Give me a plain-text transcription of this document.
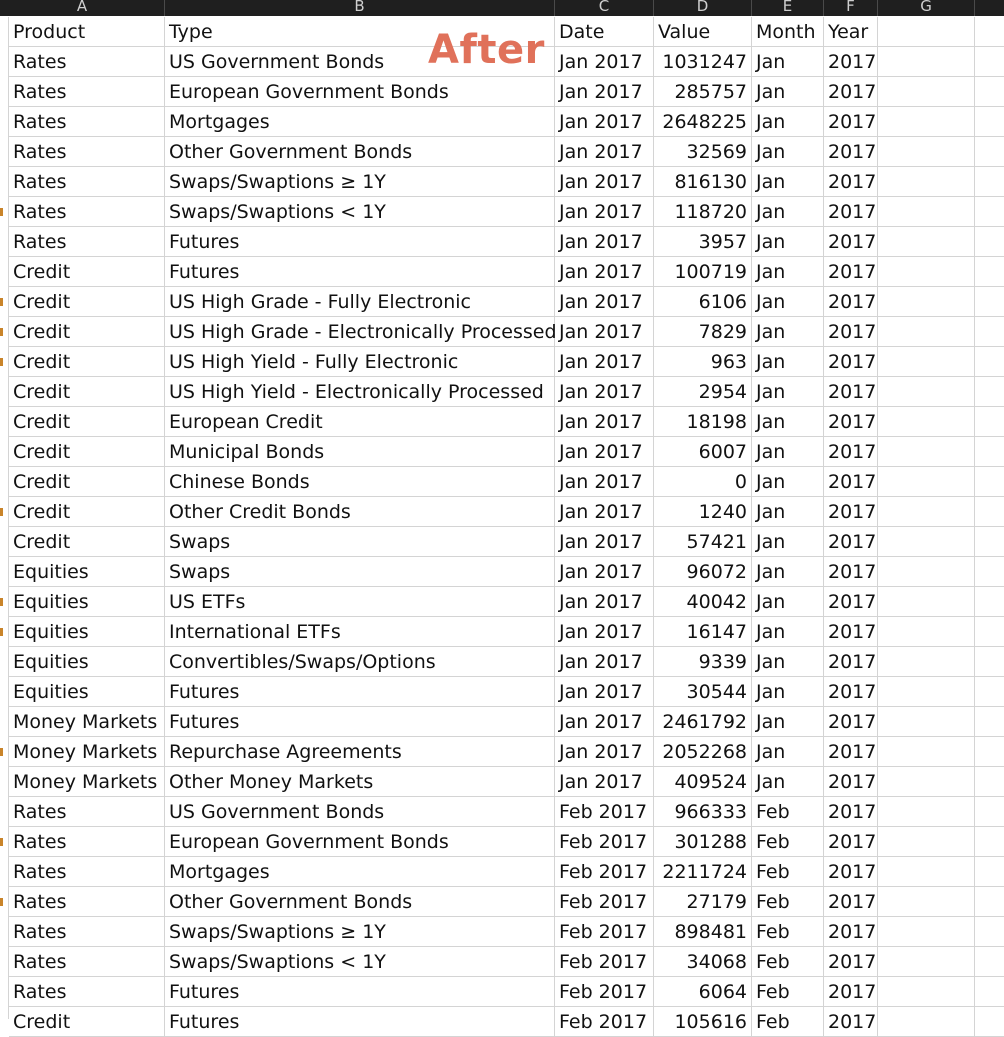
A	B	C	D	E	F	G
Product	Type	Date	Value	Month Year
Rates	US Government Bonds	Jan 2017	1031247 Jan	2017
Rates	European Government Bonds	Jan 2017	285757 Jan	2017
Rates	Mortgages	Jan 2017	2648225 Jan	2017
Rates	Other Government Bonds	Jan 2017	32569 Jan	2017
Rates	Swaps/Swaptions ≥ 1Y	Jan 2017	816130 Jan	2017
Rates	Swaps/Swaptions < 1Y	Jan 2017	118720 Jan	2017
Rates	Futures	Jan 2017	3957 Jan	2017
Credit	Futures	Jan 2017	100719 Jan	2017
Credit	US High Grade - Fully Electronic	Jan 2017	6106 Jan	2017
Credit	US High Grade - Electronically Processed Jan 2017	7829 Jan	2017
Credit	US High Yield - Fully Electronic	Jan 2017	963 Jan	2017
Credit	US High Yield - Electronically Processed Jan 2017	2954 Jan	2017
Credit	European Credit	Jan 2017	18198 Jan	2017
Credit	Municipal Bonds	Jan 2017	6007 Jan	2017
Credit	Chinese Bonds	Jan 2017	0 Jan	2017
Credit	Other Credit Bonds	Jan 2017	1240 Jan	2017
Credit	Swaps	Jan 2017	57421 Jan	2017
Equities	Swaps	Jan 2017	96072 Jan	2017
Equities	US ETFs	Jan 2017	40042 Jan	2017
Equities	International ETFs	Jan 2017	16147 Jan	2017
Equities	Convertibles/Swaps/Options	Jan 2017	9339 Jan	2017
Equities	Futures	Jan 2017	30544 Jan	2017
Money Markets Futures	Jan 2017	2461792 Jan	2017
Money Markets Repurchase Agreements	Jan 2017	2052268 Jan	2017
Money Markets Other Money Markets	Jan 2017	409524 Jan	2017
Rates	US Government Bonds	Feb 2017	966333 Feb	2017
Rates	European Government Bonds	Feb 2017	301288 Feb	2017
Rates	Mortgages	Feb 2017 2211724 Feb	2017
Rates	Other Government Bonds	Feb 2017	27179 Feb	2017
Rates	Swaps/Swaptions ≥ 1Y	Feb 2017	898481 Feb	2017
Rates	Swaps/Swaptions < 1Y	Feb 2017	34068 Feb	2017
Rates	Futures	Feb 2017	6064 Feb	2017
Credit	Futures	Feb 2017	105616 Feb	2017
After
